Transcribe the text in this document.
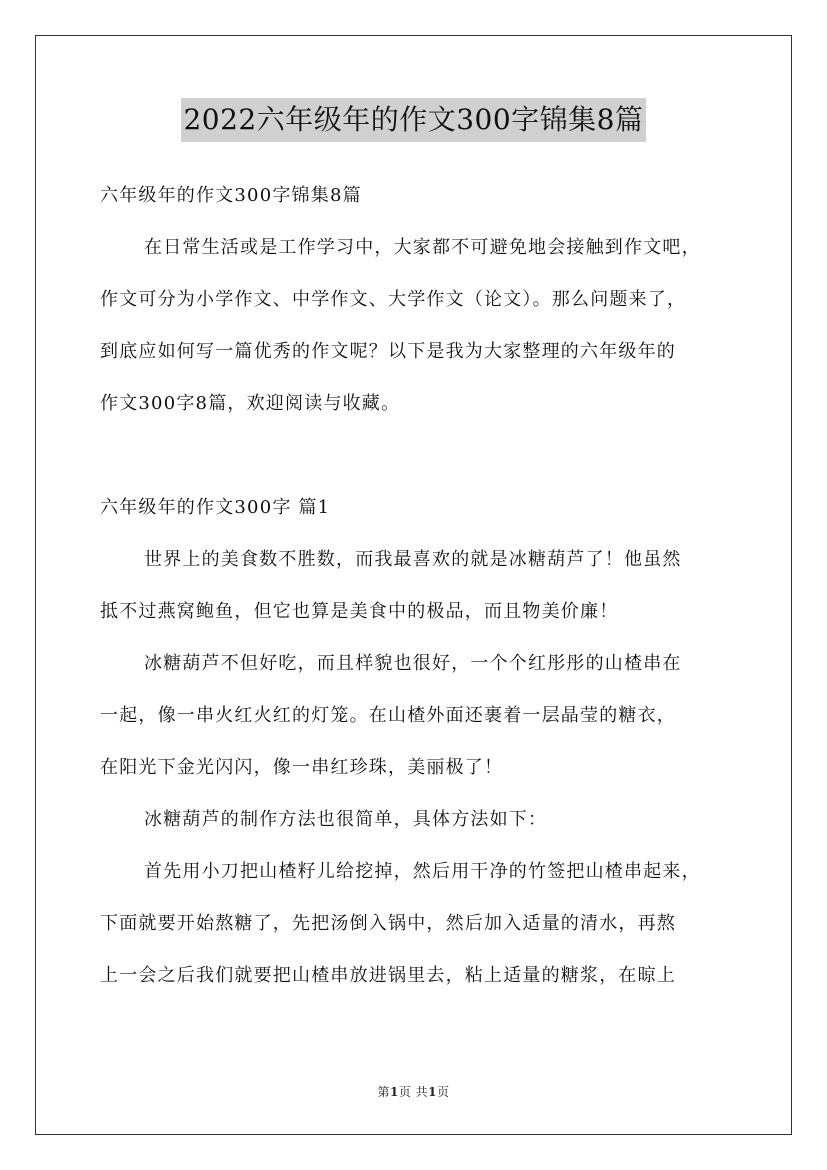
2022六年级年的作文300字锦集8篇
六年级年的作文300字锦集8篇
在日常生活或是工作学习中，大家都不可避免地会接触到作文吧，
作文可分为小学作文、中学作文、大学作文（论文）。那么问题来了，
到底应如何写一篇优秀的作文呢？以下是我为大家整理的六年级年的
作文300字8篇，欢迎阅读与收藏。
六年级年的作文300字 篇1
世界上的美食数不胜数，而我最喜欢的就是冰糖葫芦了！他虽然
抵不过燕窝鲍鱼，但它也算是美食中的极品，而且物美价廉！
冰糖葫芦不但好吃，而且样貌也很好，一个个红彤彤的山楂串在
一起，像一串火红火红的灯笼。在山楂外面还裹着一层晶莹的糖衣，
在阳光下金光闪闪，像一串红珍珠，美丽极了！
冰糖葫芦的制作方法也很简单，具体方法如下：
首先用小刀把山楂籽儿给挖掉，然后用干净的竹签把山楂串起来，
下面就要开始熬糖了，先把汤倒入锅中，然后加入适量的清水，再熬
上一会之后我们就要把山楂串放进锅里去，粘上适量的糖浆，在晾上
第1页 共1页
